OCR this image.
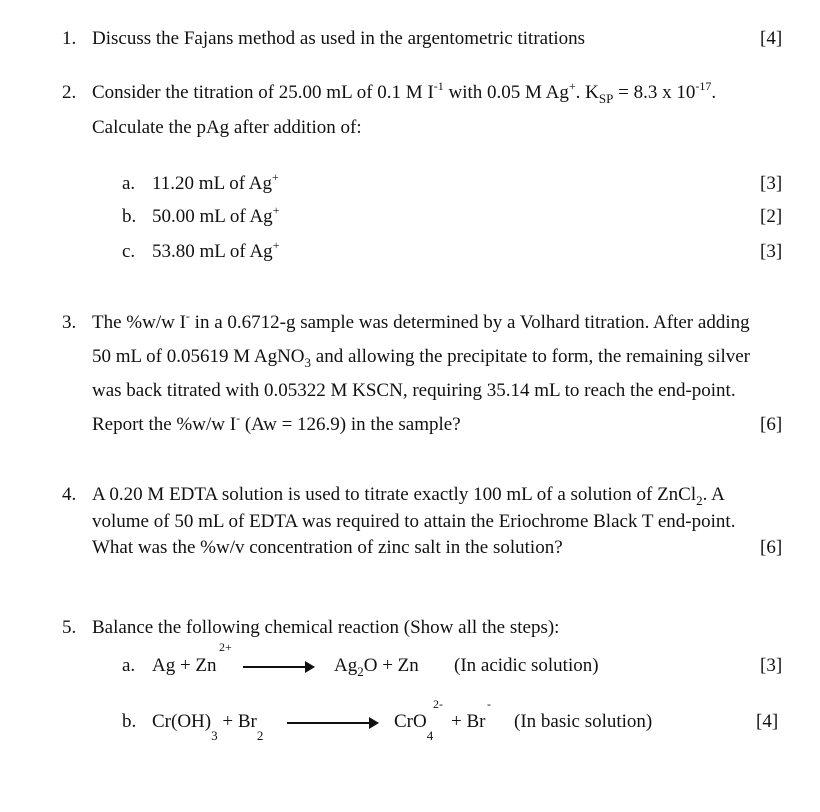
1. Discuss the Fajans method as used in the argentometric titrations	[4]
2. Consider the titration of 25.00 mL of 0.1 M $I^{-1}$ with 0.05 M Ag+. $K_{SP} = 8.3$ x $10^{-17}$.
Calculate the pAg after addition of:
a. 11.20 mL of Ag+	[3]
b. 50.00 mL of Ag+	[2]
c. 53.80 mL of Ag+	[3]
3. The %w/w I- in a 0.6712-g sample was determined by a Volhard titration. After adding
50 mL of 0.05619 M AgNO$_3$ and allowing the precipitate to form, the remaining silver
was back titrated with 0.05322 M KSCN, requiring 35.14 mL to reach the end-point.
Report the %w/w I- (Aw = 126.9) in the sample?	[6]
4. A 0.20 M EDTA solution is used to titrate exactly 100 mL of a solution of ZnCl$_2$. A
volume of 50 mL of EDTA was required to attain the Eriochrome Black T end-point.
What was the %w/v concentration of zinc salt in the solution?	[6]
5. Balance the following chemical reaction (Show all the steps):
a. Ag + Zn
2+
$Ag_2O + Zn$ (In acidic solution)	[3]
b. $Cr(OH)_3 + Br_2$
CrO$_4$
2-
+ Br
-
(In basic solution)	[4]
